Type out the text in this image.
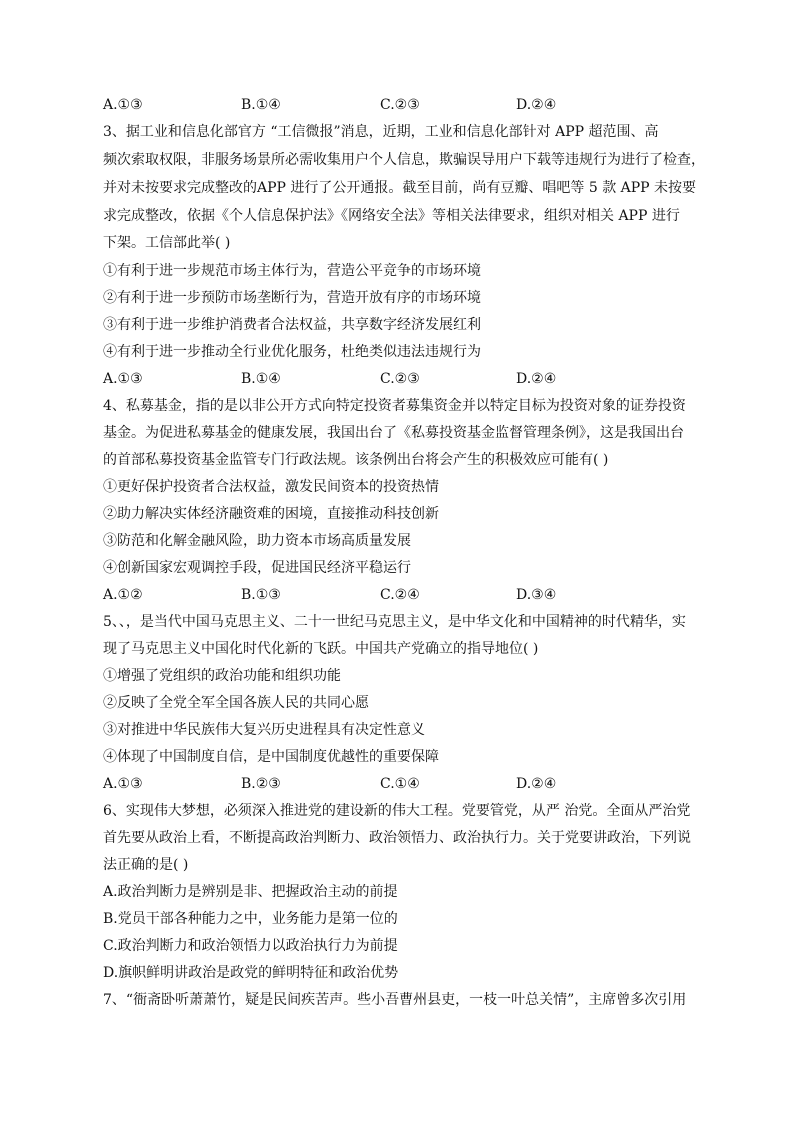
A.①③	B.①④	C.②③	D.②④
3、据工业和信息化部官方 “工信微报”消息，近期，工业和信息化部针对 APP 超范围、高
频次索取权限，非服务场景所必需收集用户个人信息，欺骗误导用户下载等违规行为进行了检查，
并对未按要求完成整改的APP 进行了公开通报。截至目前，尚有豆瓣、唱吧等 5 款 APP 未按要
求完成整改，依据《个人信息保护法》《网络安全法》等相关法律要求，组织对相关 APP 进行
下架。工信部此举( )
①有利于进一步规范市场主体行为，营造公平竞争的市场环境
②有利于进一步预防市场垄断行为，营造开放有序的市场环境
③有利于进一步维护消费者合法权益，共享数字经济发展红利
④有利于进一步推动全行业优化服务，杜绝类似违法违规行为
A.①③	B.①④	C.②③	D.②④
4、私募基金，指的是以非公开方式向特定投资者募集资金并以特定目标为投资对象的证券投资
基金。为促进私募基金的健康发展，我国出台了《私募投资基金监督管理条例》，这是我国出台
的首部私募投资基金监管专门行政法规。该条例出台将会产生的积极效应可能有( )
①更好保护投资者合法权益，激发民间资本的投资热情
②助力解决实体经济融资难的困境，直接推动科技创新
③防范和化解金融风险，助力资本市场高质量发展
④创新国家宏观调控手段，促进国民经济平稳运行
A.①②	B.①③	C.②④	D.③④
5、、，是当代中国马克思主义、二十一世纪马克思主义，是中华文化和中国精神的时代精华，实
现了马克思主义中国化时代化新的飞跃。中国共产党确立的指导地位( )
①增强了党组织的政治功能和组织功能
②反映了全党全军全国各族人民的共同心愿
③对推进中华民族伟大复兴历史进程具有决定性意义
④体现了中国制度自信，是中国制度优越性的重要保障
A.①③	B.②③	C.①④	D.②④
6、实现伟大梦想，必须深入推进党的建设新的伟大工程。党要管党，从严 治党。全面从严治党
首先要从政治上看，不断提高政治判断力、政治领悟力、政治执行力。关于党要讲政治，下列说
法正确的是( )
A.政治判断力是辨别是非、把握政治主动的前提
B.党员干部各种能力之中，业务能力是第一位的
C.政治判断力和政治领悟力以政治执行力为前提
D.旗帜鲜明讲政治是政党的鲜明特征和政治优势
7、“衙斋卧听萧萧竹，疑是民间疾苦声。些小吾曹州县吏，一枝一叶总关情”，主席曾多次引用
